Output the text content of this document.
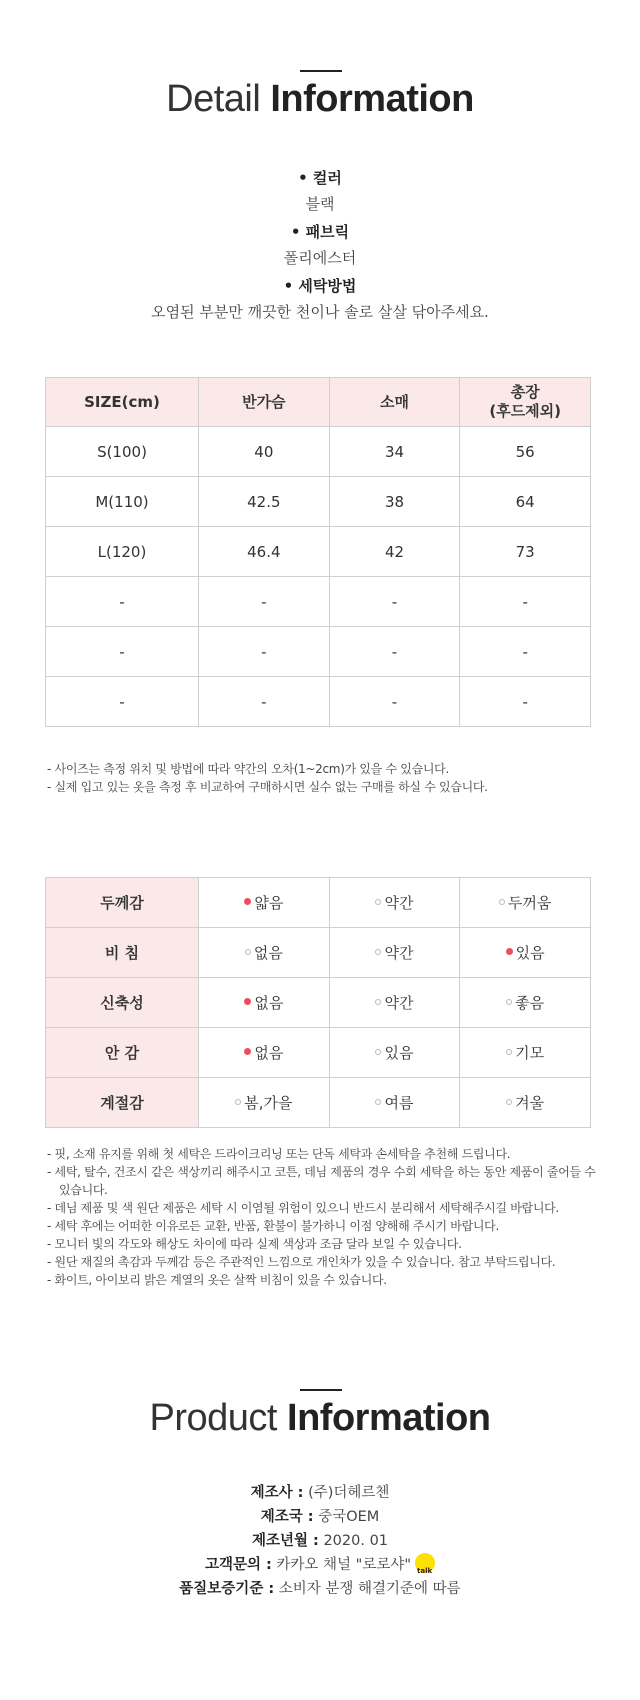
Detail Information
• 컬러
블랙
• 패브릭
폴리에스터
• 세탁방법
오염된 부분만 깨끗한 천이나 솔로 살살 닦아주세요.
SIZE(cm)	반가슴	소매	총장
(후드제외)

S(100)	40	34	56
M(110)	42.5	38	64
L(120)	46.4	42	73
-	-	-	-
-	-	-	-
-	-	-	-
- 사이즈는 측정 위치 및 방법에 따라 약간의 오차(1~2cm)가 있을 수 있습니다.
- 실제 입고 있는 옷을 측정 후 비교하여 구매하시면 실수 없는 구매를 하실 수 있습니다.
두께감	얇음	약간	두꺼움
비 침	없음	약간	있음
신축성	없음	약간	좋음
안 감	없음	있음	기모
계절감	봄,가을	여름	겨울
- 핏, 소재 유지를 위해 첫 세탁은 드라이크리닝 또는 단독 세탁과 손세탁을 추천해 드립니다.
- 세탁, 탈수, 건조시 같은 색상끼리 해주시고 코튼, 데님 제품의 경우 수회 세탁을 하는 동안 제품이 줄어들 수 있습니다.
- 데님 제품 및 색 원단 제품은 세탁 시 이염될 위험이 있으니 반드시 분리해서 세탁해주시길 바랍니다.
- 세탁 후에는 어떠한 이유로든 교환, 반품, 환불이 불가하니 이점 양해해 주시기 바랍니다.
- 모니터 빛의 각도와 해상도 차이에 따라 실제 색상과 조금 달라 보일 수 있습니다.
- 원단 재질의 촉감과 두께감 등은 주관적인 느낌으로 개인차가 있을 수 있습니다. 참고 부탁드립니다.
- 화이트, 아이보리 밝은 계열의 옷은 살짝 비침이 있을 수 있습니다.
Product Information
제조사 : (주)더헤르첸
제조국 : 중국OEM
제조년월 : 2020. 01
고객문의 : 카카오 채널 "로로샤"talk
품질보증기준 : 소비자 분쟁 해결기준에 따름
